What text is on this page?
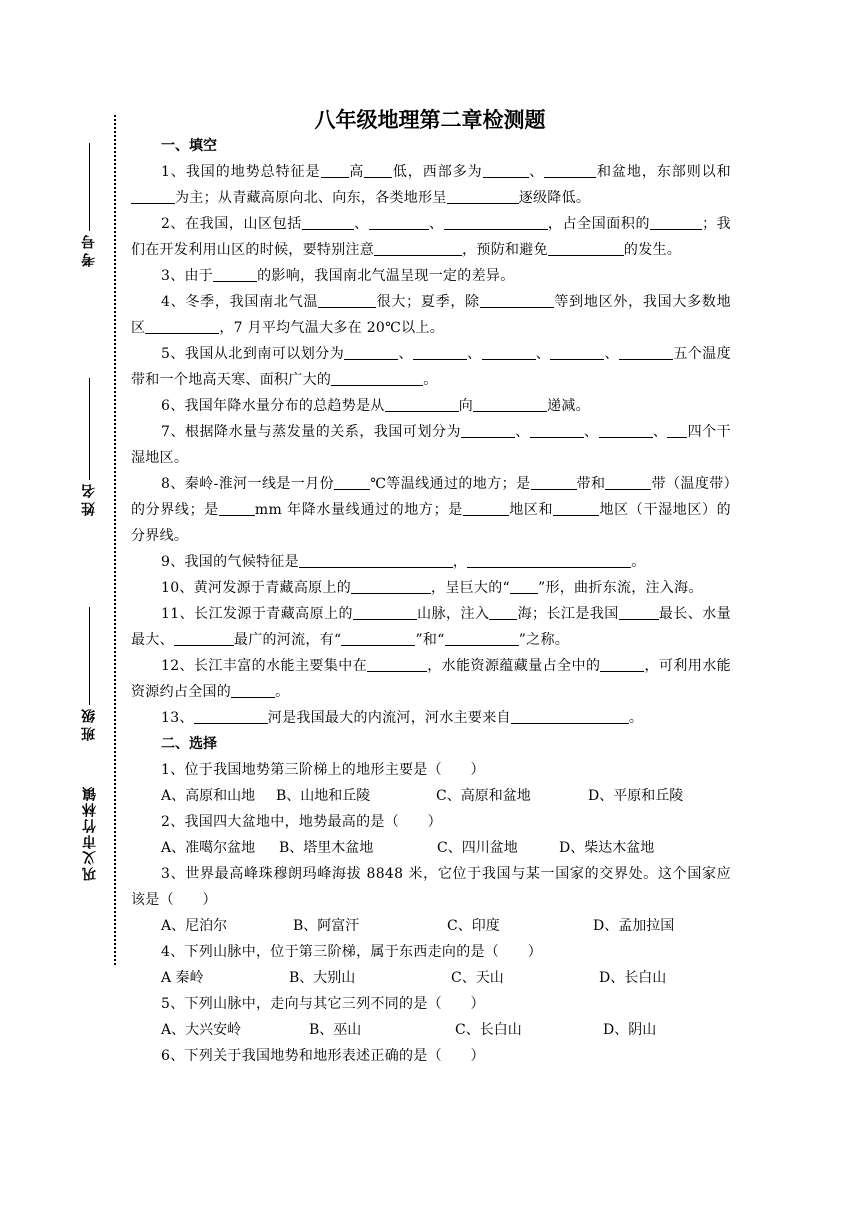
考号
姓名
班级
巩义市竹林镇
八年级地理第二章检测题
一、填空

1、我国的地势总特征是 高 低，西部多为	、	和盆地，东部则以和为主；从青藏高原向北、向东，各类地形呈	逐级降低。

2、在我国，山区包括	、	、	，占全国面积的	；我们在开发利用山区的时候，要特别注意	，预防和避免	的发生。

3、由于	的影响，我国南北气温呈现一定的差异。

4、冬季，我国南北气温	很大；夏季，除	等到地区外，我国大多数地区	，7 月平均气温大多在 20℃以上。

5、我国从北到南可以划分为	、	、	、	、	五个温度带和一个地高天寒、面积广大的	。

6、我国年降水量分布的总趋势是从	向	递减。

7、根据降水量与蒸发量的关系，我国可划分为	、	、	、 四个干湿地区。

8、秦岭-淮河一线是一月份	℃等温线通过的地方；是	带和	带（温度带）的分界线；是	mm 年降水量线通过的地方；是	地区和	地区（干湿地区）的分界线。

9、我国的气候特征是	，	。

10、黄河发源于青藏高原上的	，呈巨大的“ ”形，曲折东流，注入海。

11、长江发源于青藏高原上的	山脉，注入 海；长江是我国	最长、水量最大、	最广的河流，有“	”和“	”之称。

12、长江丰富的水能主要集中在	，水能资源蕴藏量占全中的	，可利用水能资源约占全国的	。

13、	河是我国最大的内流河，河水主要来自	。

二、选择

1、位于我国地势第三阶梯上的地形主要是（　　）

A、高原和山地	B、山地和丘陵	C、高原和盆地	D、平原和丘陵

2、我国四大盆地中，地势最高的是（　　）

A、准噶尔盆地	B、塔里木盆地	C、四川盆地	D、柴达木盆地

3、世界最高峰珠穆朗玛峰海拔 8848 米，它位于我国与某一国家的交界处。这个国家应该是（　　）

A、尼泊尔	B、阿富汗	C、印度	D、孟加拉国

4、下列山脉中，位于第三阶梯，属于东西走向的是（　　）

A 秦岭	B、大别山	C、天山	D、长白山

5、下列山脉中，走向与其它三列不同的是（　　）

A、大兴安岭	B、巫山	C、长白山	D、阴山

6、下列关于我国地势和地形表述正确的是（　　）
